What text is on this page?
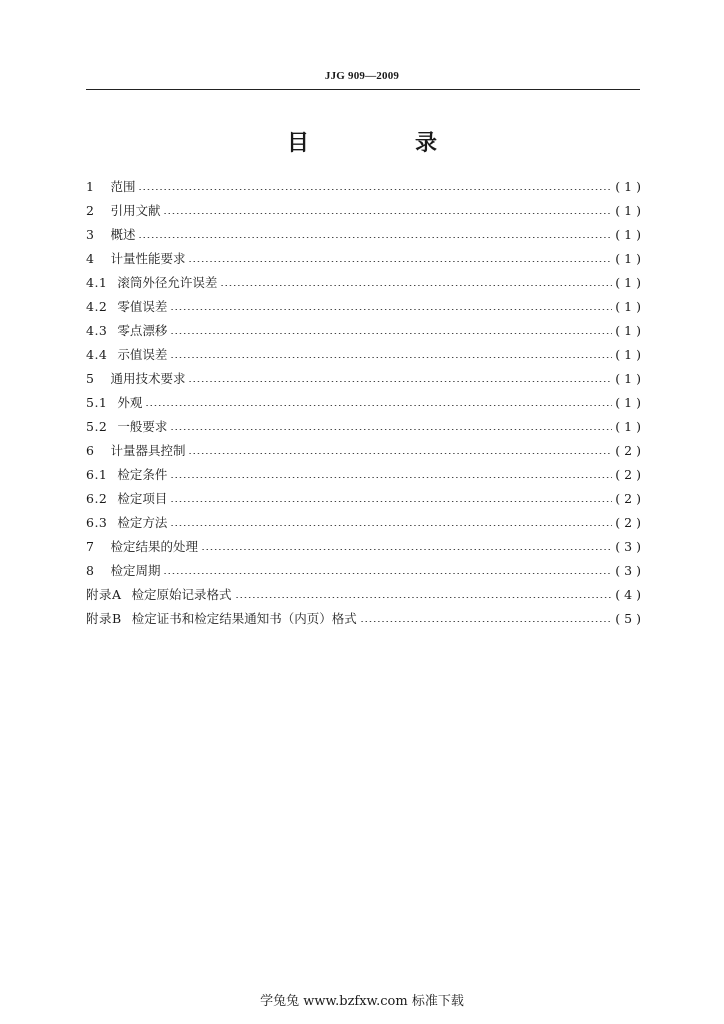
JJG 909—2009
目　录
1 范围	(1)
2 引用文献	(1)
3 概述	(1)
4 计量性能要求	(1)
4.1 滚筒外径允许误差	(1)
4.2 零值误差	(1)
4.3 零点漂移	(1)
4.4 示值误差	(1)
5 通用技术要求	(1)
5.1 外观	(1)
5.2 一般要求	(1)
6 计量器具控制	(2)
6.1 检定条件	(2)
6.2 检定项目	(2)
6.3 检定方法	(2)
7 检定结果的处理	(3)
8 检定周期	(3)
附录A 检定原始记录格式	(4)
附录B 检定证书和检定结果通知书（内页）格式	(5)
学兔兔 www.bzfxw.com 标准下载
